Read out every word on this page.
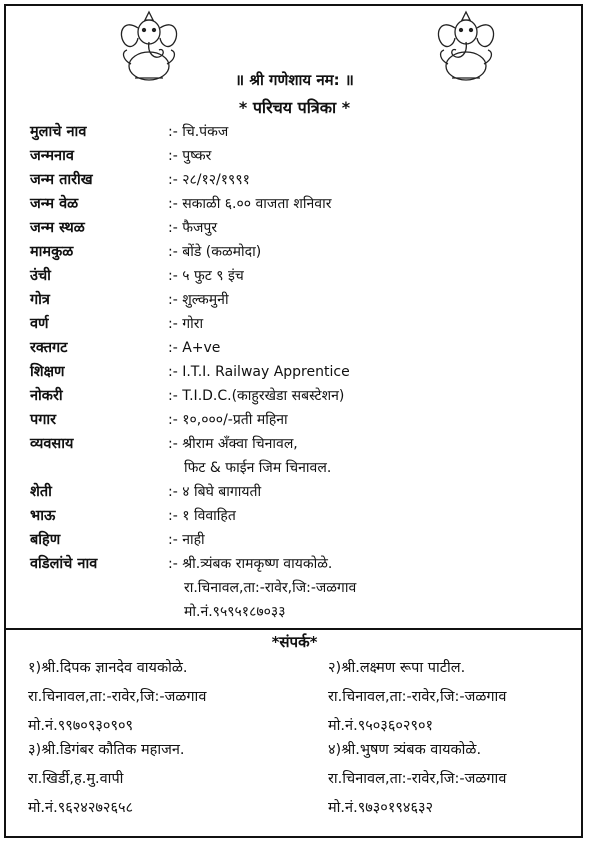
॥ श्री गणेशाय नम: ॥
* परिचय पत्रिका *
मुलाचे नाव	:- चि.पंकज
जन्मनाव	:- पुष्कर
जन्म तारीख	:- २८/१२/१९९१
जन्म वेळ	:- सकाळी ६.०० वाजता शनिवार
जन्म स्थळ	:- फैजपुर
मामकुळ	:- बोंडे (कळमोदा)
उंची	:- ५ फुट ९ इंच
गोत्र	:- शुल्कमुनी
वर्ण	:- गोरा
रक्तगट	:- A+ve
शिक्षण	:- I.T.I. Railway Apprentice
नोकरी	:- T.I.D.C.(काहुरखेडा सबस्टेशन)
पगार	:- १०,०००/-प्रती महिना
व्यवसाय	:- श्रीराम अँक्वा चिनावल,
फिट & फाईन जिम चिनावल.
शेती	:- ४ बिघे बागायती
भाऊ	:- १ विवाहित
बहिण	:- नाही
वडिलांचे नाव	:- श्री.त्र्यंबक रामकृष्ण वायकोळे.
रा.चिनावल,ता:-रावेर,जि:-जळगाव
मो.नं.९५९५१८७०३३
*संपर्क*
१)श्री.दिपक ज्ञानदेव वायकोळे.
रा.चिनावल,ता:-रावेर,जि:-जळगाव
मो.नं.९९७०९३०९०९
२)श्री.लक्ष्मण रूपा पाटील.
रा.चिनावल,ता:-रावेर,जि:-जळगाव
मो.नं.९५०३६०२९०१
३)श्री.डिगंबर कौतिक महाजन.
रा.खिर्डी,ह.मु.वापी
मो.नं.९६२४२७२६५८
४)श्री.भुषण त्र्यंबक वायकोळे.
रा.चिनावल,ता:-रावेर,जि:-जळगाव
मो.नं.९७३०१९४६३२
